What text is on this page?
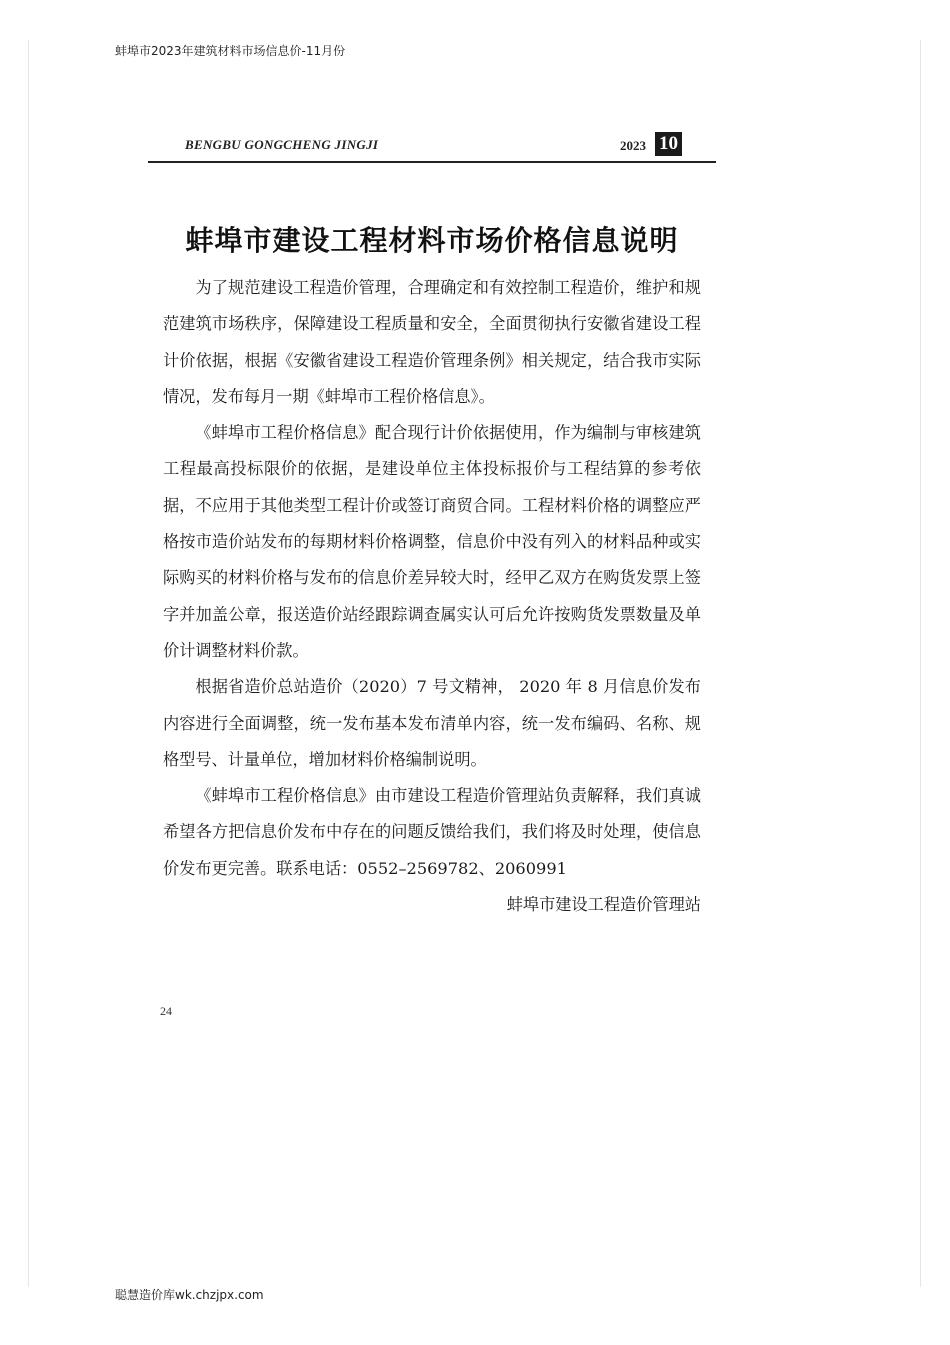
蚌埠市2023年建筑材料市场信息价-11月份
BENGBU GONGCHENG JINGJI	2023 10
蚌埠市建设工程材料市场价格信息说明

为了规范建设工程造价管理，合理确定和有效控制工程造价，维护和规范建筑市场秩序，保障建设工程质量和安全，全面贯彻执行安徽省建设工程计价依据，根据《安徽省建设工程造价管理条例》相关规定，结合我市实际情况，发布每月一期《蚌埠市工程价格信息》。

《蚌埠市工程价格信息》配合现行计价依据使用，作为编制与审核建筑工程最高投标限价的依据，是建设单位主体投标报价与工程结算的参考依据，不应用于其他类型工程计价或签订商贸合同。工程材料价格的调整应严格按市造价站发布的每期材料价格调整，信息价中没有列入的材料品种或实际购买的材料价格与发布的信息价差异较大时，经甲乙双方在购货发票上签字并加盖公章，报送造价站经跟踪调查属实认可后允许按购货发票数量及单价计调整材料价款。

根据省造价总站造价（2020）7 号文精神， 2020 年 8 月信息价发布内容进行全面调整，统一发布基本发布清单内容，统一发布编码、名称、规格型号、计量单位，增加材料价格编制说明。

《蚌埠市工程价格信息》由市建设工程造价管理站负责解释，我们真诚希望各方把信息价发布中存在的问题反馈给我们，我们将及时处理，使信息价发布更完善。联系电话：0552–2569782、2060991

蚌埠市建设工程造价管理站

24
聪慧造价库wk.chzjpx.com
